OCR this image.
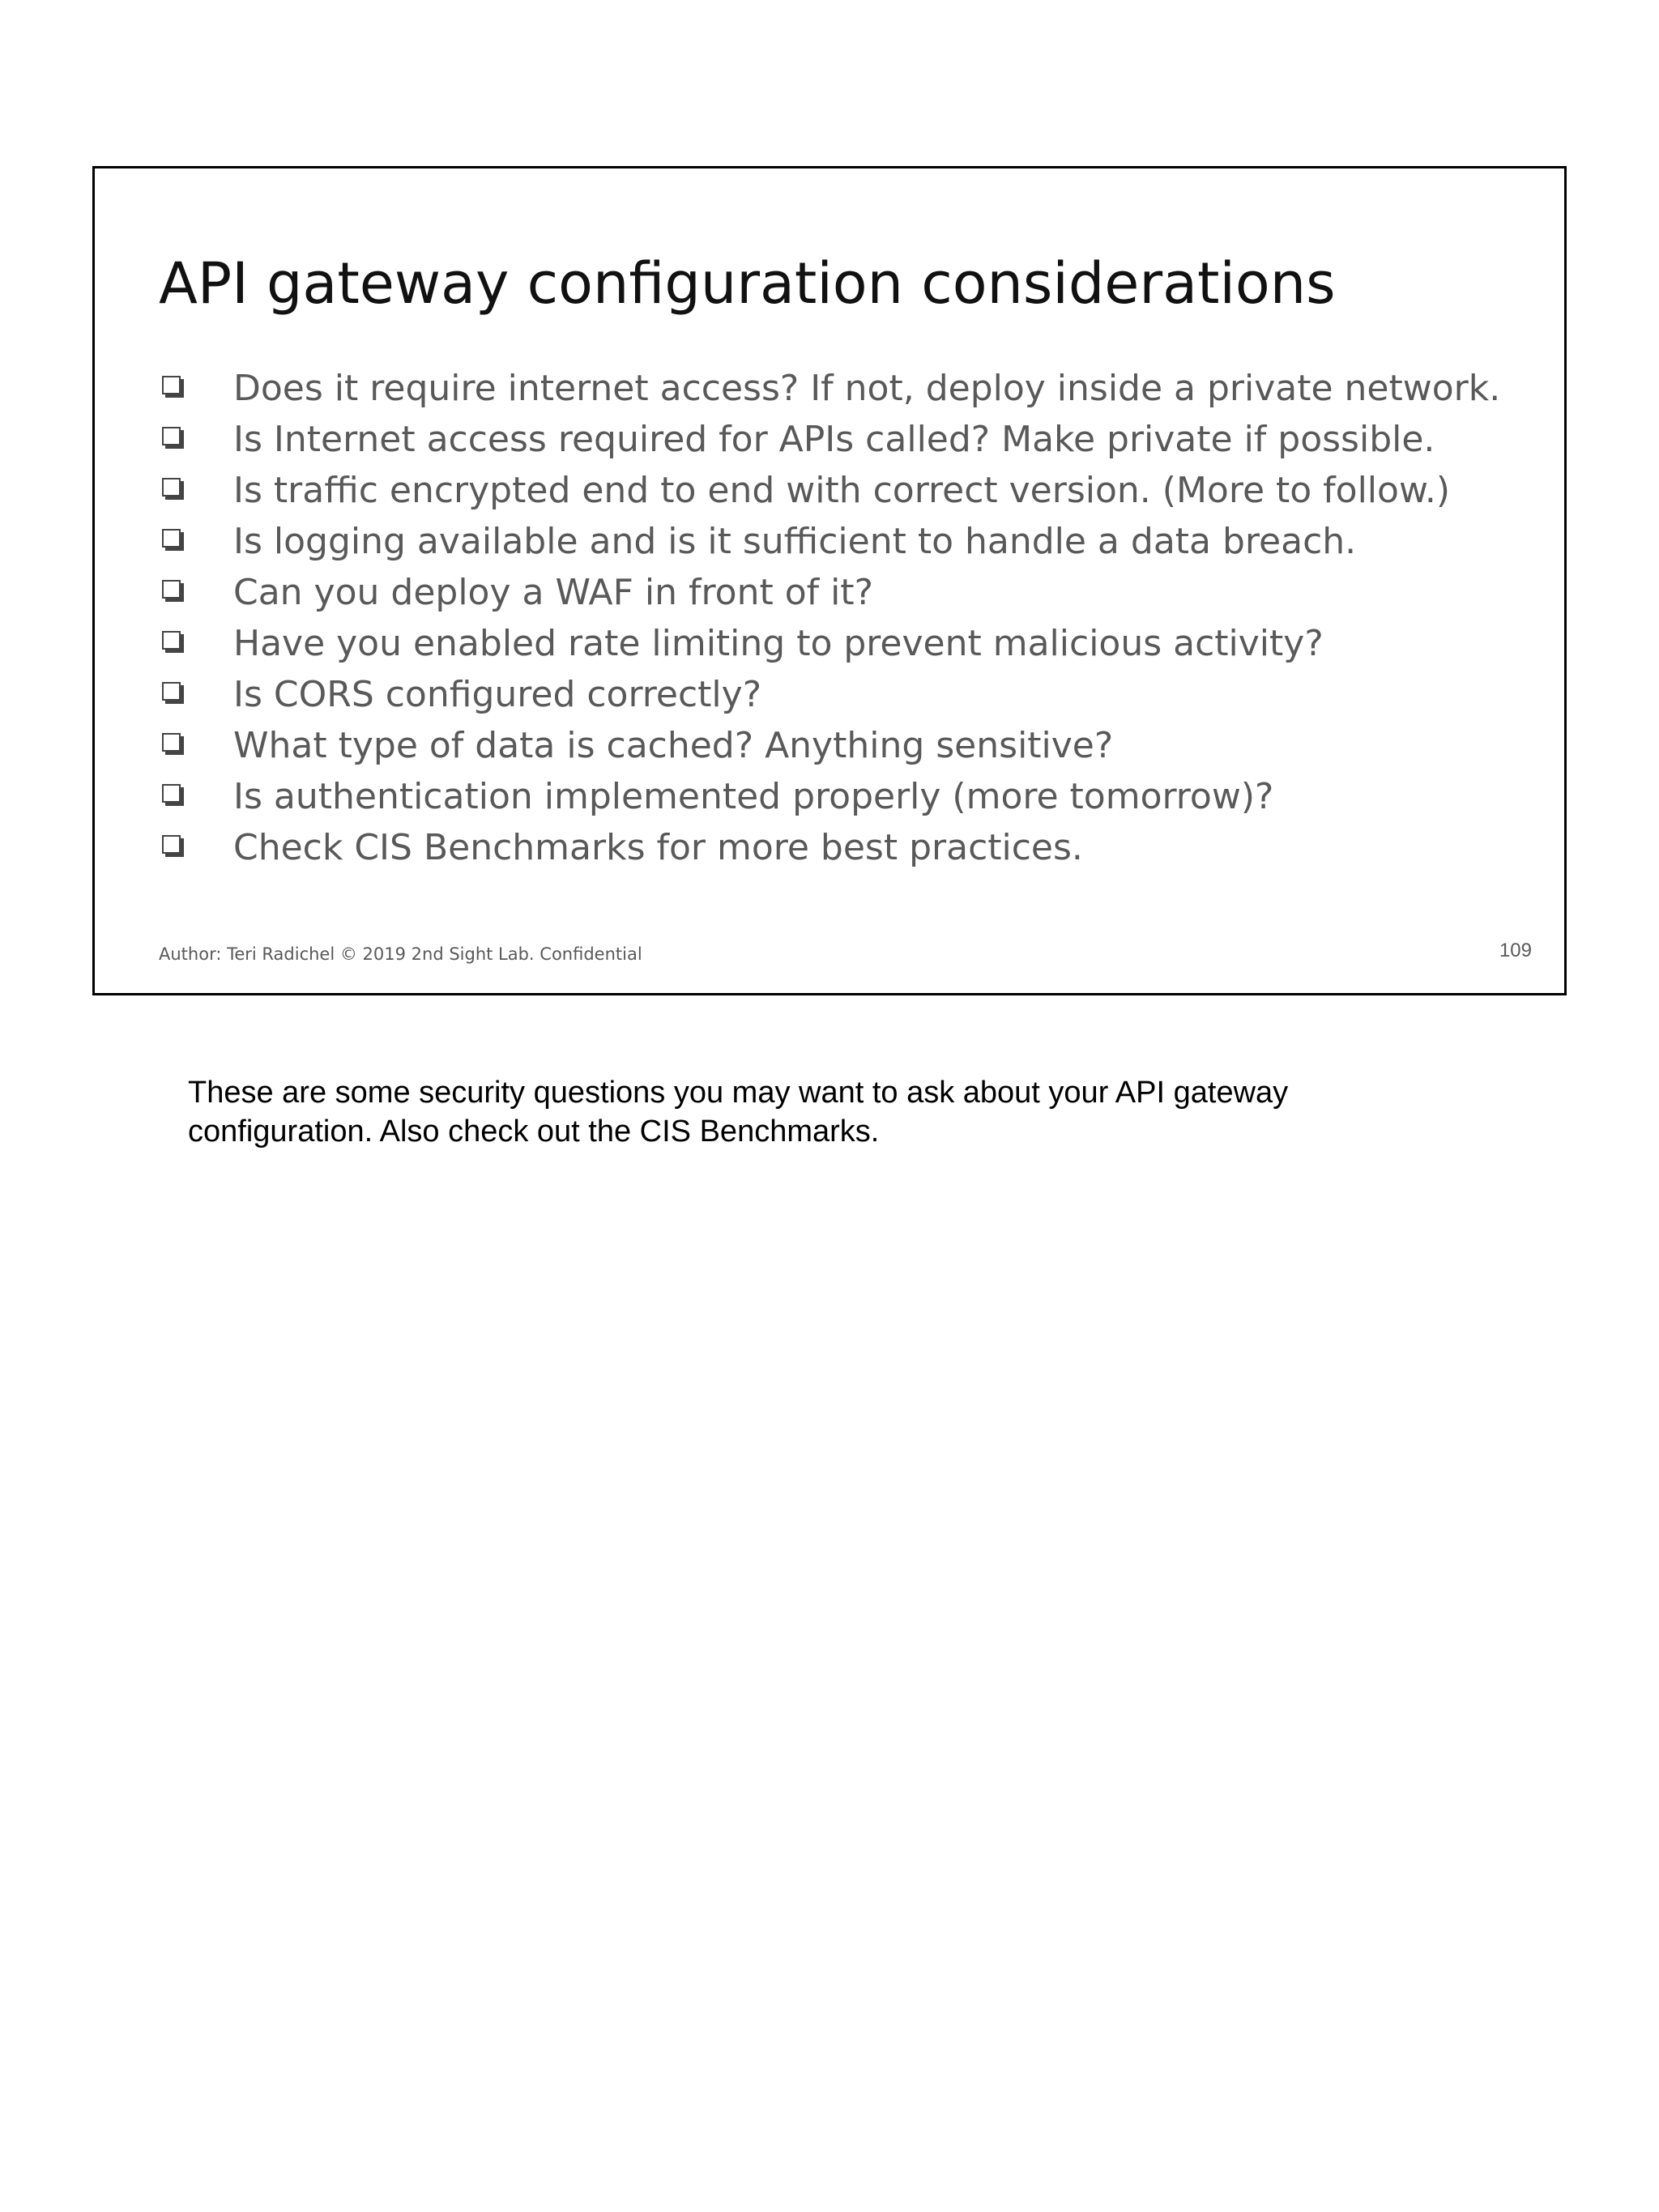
API gateway configuration considerations
Does it require internet access? If not, deploy inside a private network.
Is Internet access required for APIs called? Make private if possible.
Is traffic encrypted end to end with correct version. (More to follow.)
Is logging available and is it sufficient to handle a data breach.
Can you deploy a WAF in front of it?
Have you enabled rate limiting to prevent malicious activity?
Is CORS configured correctly?
What type of data is cached? Anything sensitive?
Is authentication implemented properly (more tomorrow)?
Check CIS Benchmarks for more best practices.
Author: Teri Radichel © 2019 2nd Sight Lab. Confidential	109

These are some security questions you may want to ask about your API gateway
configuration. Also check out the CIS Benchmarks.
